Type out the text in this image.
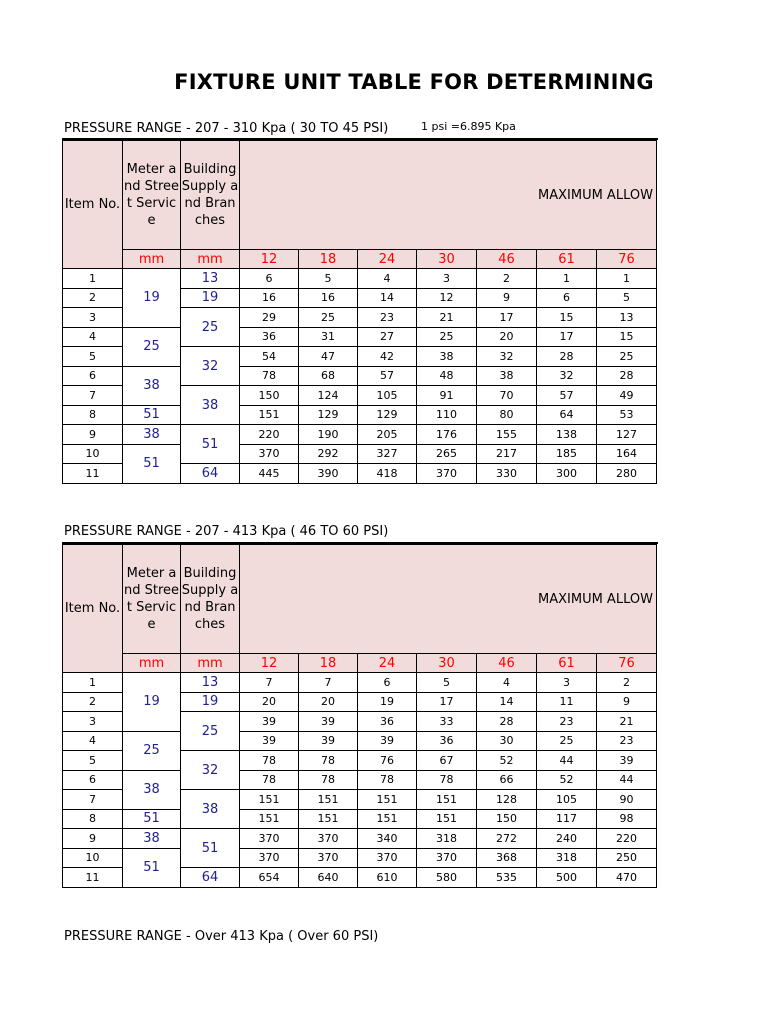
FIXTURE UNIT TABLE FOR DETERMINING
PRESSURE RANGE - 207 - 310 Kpa ( 30 TO 45 PSI)	1 psi =6.895 Kpa
Item No.	Meter and Street Service	Building Supply and Branches	MAXIMUM ALLOW						
	mm	mm	12	18	24	30	46	61	76
1	19	13	6	5	4	3	2	1	1
2		19	16	16	14	12	9	6	5
3		25	29	25	23	21	17	15	13
4	25		36	31	27	25	20	17	15
5		32	54	47	42	38	32	28	25
6	38		78	68	57	48	38	32	28
7		38	150	124	105	91	70	57	49
8	51		151	129	129	110	80	64	53
9	38	51	220	190	205	176	155	138	127
10	51		370	292	327	265	217	185	164
11		64	445	390	418	370	330	300	280
PRESSURE RANGE - 207 - 413 Kpa ( 46 TO 60 PSI)
Item No.	Meter and Street Service	Building Supply and Branches	MAXIMUM ALLOW						
	mm	mm	12	18	24	30	46	61	76
1	19	13	7	7	6	5	4	3	2
2		19	20	20	19	17	14	11	9
3		25	39	39	36	33	28	23	21
4	25		39	39	39	36	30	25	23
5		32	78	78	76	67	52	44	39
6	38		78	78	78	78	66	52	44
7		38	151	151	151	151	128	105	90
8	51		151	151	151	151	150	117	98
9	38	51	370	370	340	318	272	240	220
10	51		370	370	370	370	368	318	250
11		64	654	640	610	580	535	500	470
PRESSURE RANGE - Over 413 Kpa ( Over 60 PSI)
